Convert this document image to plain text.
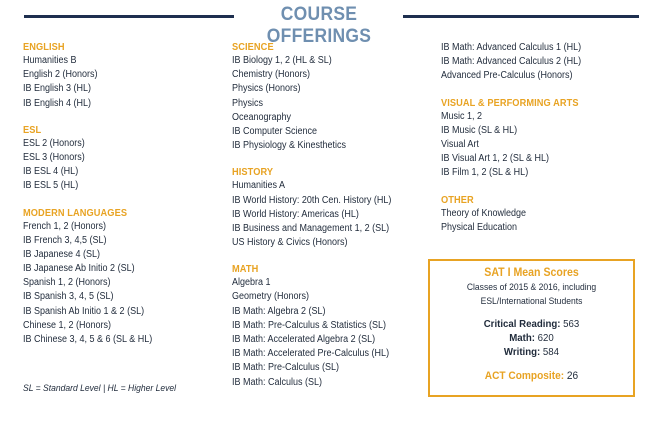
COURSE OFFERINGS
ENGLISH
Humanities B
English 2 (Honors)
IB English 3 (HL)
IB English 4 (HL)
ESL
ESL 2 (Honors)
ESL 3 (Honors)
IB ESL 4 (HL)
IB ESL 5 (HL)
MODERN LANGUAGES
French 1, 2 (Honors)
IB French 3, 4,5 (SL)
IB Japanese 4 (SL)
IB Japanese Ab Initio 2 (SL)
Spanish 1, 2 (Honors)
IB Spanish 3, 4, 5 (SL)
IB Spanish Ab Initio 1 & 2 (SL)
Chinese 1, 2 (Honors)
IB Chinese 3, 4, 5 & 6 (SL & HL)
SCIENCE
IB Biology 1, 2 (HL & SL)
Chemistry (Honors)
Physics (Honors)
Physics
Oceanography
IB Computer Science
IB Physiology & Kinesthetics
HISTORY
Humanities A
IB World History: 20th Cen. History (HL)
IB World History: Americas (HL)
IB Business and Management 1, 2 (SL)
US History & Civics (Honors)
MATH
Algebra 1
Geometry (Honors)
IB Math: Algebra 2 (SL)
IB Math: Pre-Calculus & Statistics (SL)
IB Math: Accelerated Algebra 2 (SL)
IB Math: Accelerated Pre-Calculus (HL)
IB Math: Pre-Calculus (SL)
IB Math: Calculus (SL)
IB Math: Advanced Calculus 1 (HL)
IB Math: Advanced Calculus 2 (HL)
Advanced Pre-Calculus (Honors)
VISUAL & PERFORMING ARTS
Music 1, 2
IB Music (SL & HL)
Visual Art
IB Visual Art 1, 2 (SL & HL)
IB Film 1, 2 (SL & HL)
OTHER
Theory of Knowledge
Physical Education
SL = Standard Level | HL = Higher Level
SAT I Mean Scores
Classes of 2015 & 2016, including
ESL/International Students
Critical Reading: 563
Math: 620
Writing: 584
ACT Composite: 26
